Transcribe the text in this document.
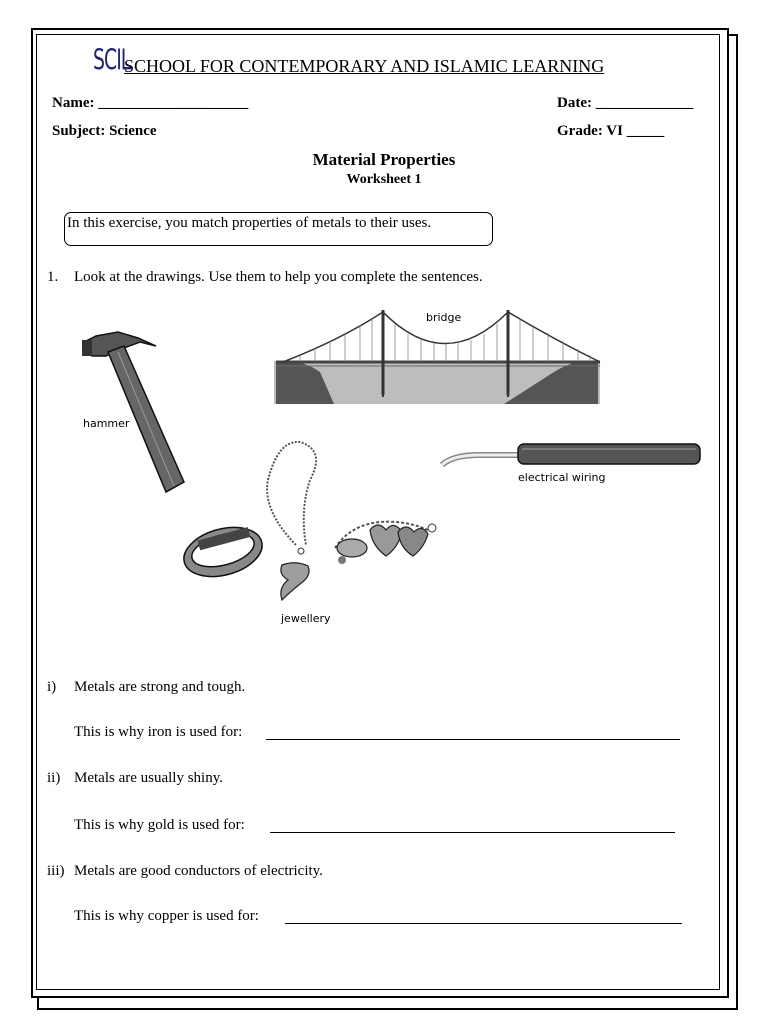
SCIL
SCHOOL FOR CONTEMPORARY AND ISLAMIC LEARNING
Name: ____________________	Date: _____________
Subject: Science	Grade: VI _____
Material Properties
Worksheet 1
In this exercise, you match properties of metals to their uses.
1. Look at the drawings. Use them to help you complete the sentences.
hammer
bridge
electrical wiring
jewellery
i) Metals are strong and tough.
This is why iron is used for:
ii) Metals are usually shiny.
This is why gold is used for:
iii) Metals are good conductors of electricity.
This is why copper is used for:
